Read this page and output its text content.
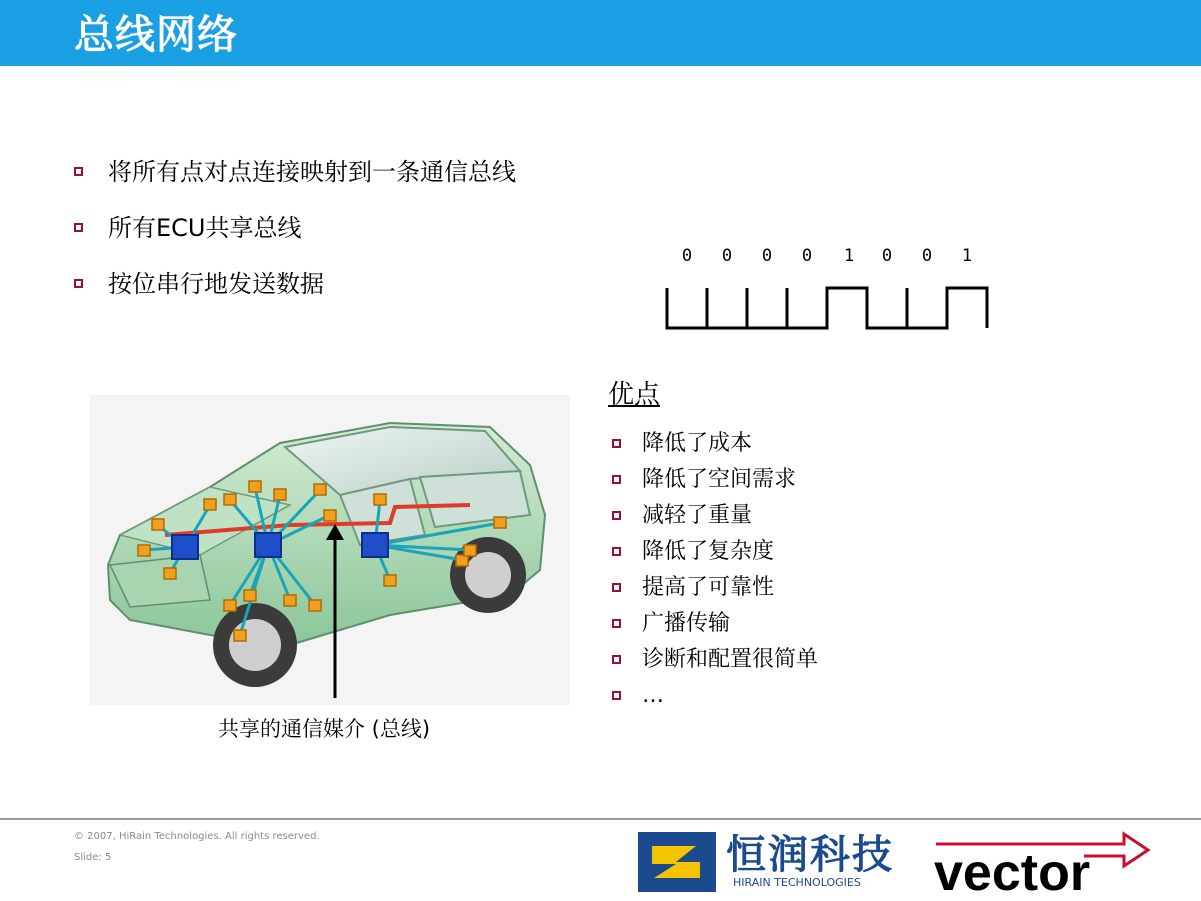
总线网络
将所有点对点连接映射到一条通信总线
所有ECU共享总线
按位串行地发送数据
0	0	0	0	1	0	0	1
优点
降低了成本
降低了空间需求
减轻了重量
降低了复杂度
提高了可靠性
广播传输
诊断和配置很简单
…
共享的通信媒介 (总线)
© 2007, HiRain Technologies. All rights reserved.
Slide: 5	恒润科技
HIRAIN TECHNOLOGIES vector
